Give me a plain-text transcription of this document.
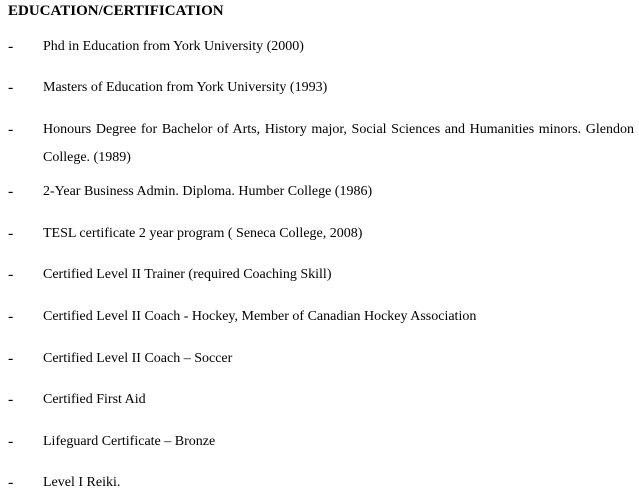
EDUCATION/CERTIFICATION
- Phd in Education from York University (2000)
- Masters of Education from York University (1993)
- Honours Degree for Bachelor of Arts, History major, Social Sciences and Humanities minors. Glendon College. (1989)
- 2-Year Business Admin. Diploma. Humber College (1986)
- TESL certificate 2 year program ( Seneca College, 2008)
- Certified Level II Trainer (required Coaching Skill)
- Certified Level II Coach - Hockey, Member of Canadian Hockey Association
- Certified Level II Coach – Soccer
- Certified First Aid
- Lifeguard Certificate – Bronze
- Level I Reiki.
